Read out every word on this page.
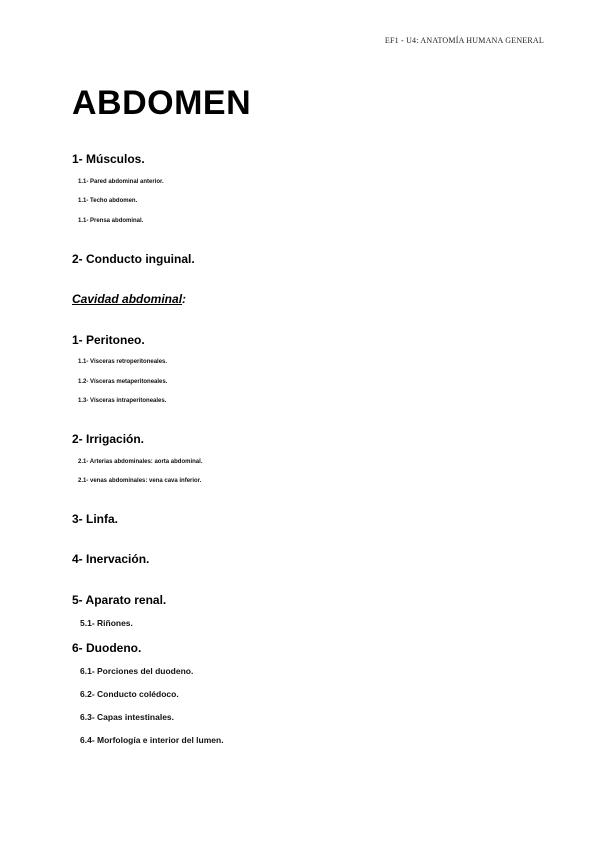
EF1 - U4: ANATOMÍA HUMANA GENERAL
ABDOMEN
1- Músculos.
1.1- Pared abdominal anterior.
1.1- Techo abdomen.
1.1- Prensa abdominal.
2- Conducto inguinal.
Cavidad abdominal:
1- Peritoneo.
1.1- Vísceras retroperitoneales.
1.2- Vísceras metaperitoneales.
1.3- Vísceras intraperitoneales.
2- Irrigación.
2.1- Arterias abdominales: aorta abdominal.
2.1- venas abdominales: vena cava inferior.
3- Linfa.
4- Inervación.
5- Aparato renal.
5.1- Riñones.
6- Duodeno.
6.1- Porciones del duodeno.
6.2- Conducto colédoco.
6.3- Capas intestinales.
6.4- Morfología e interior del lumen.
